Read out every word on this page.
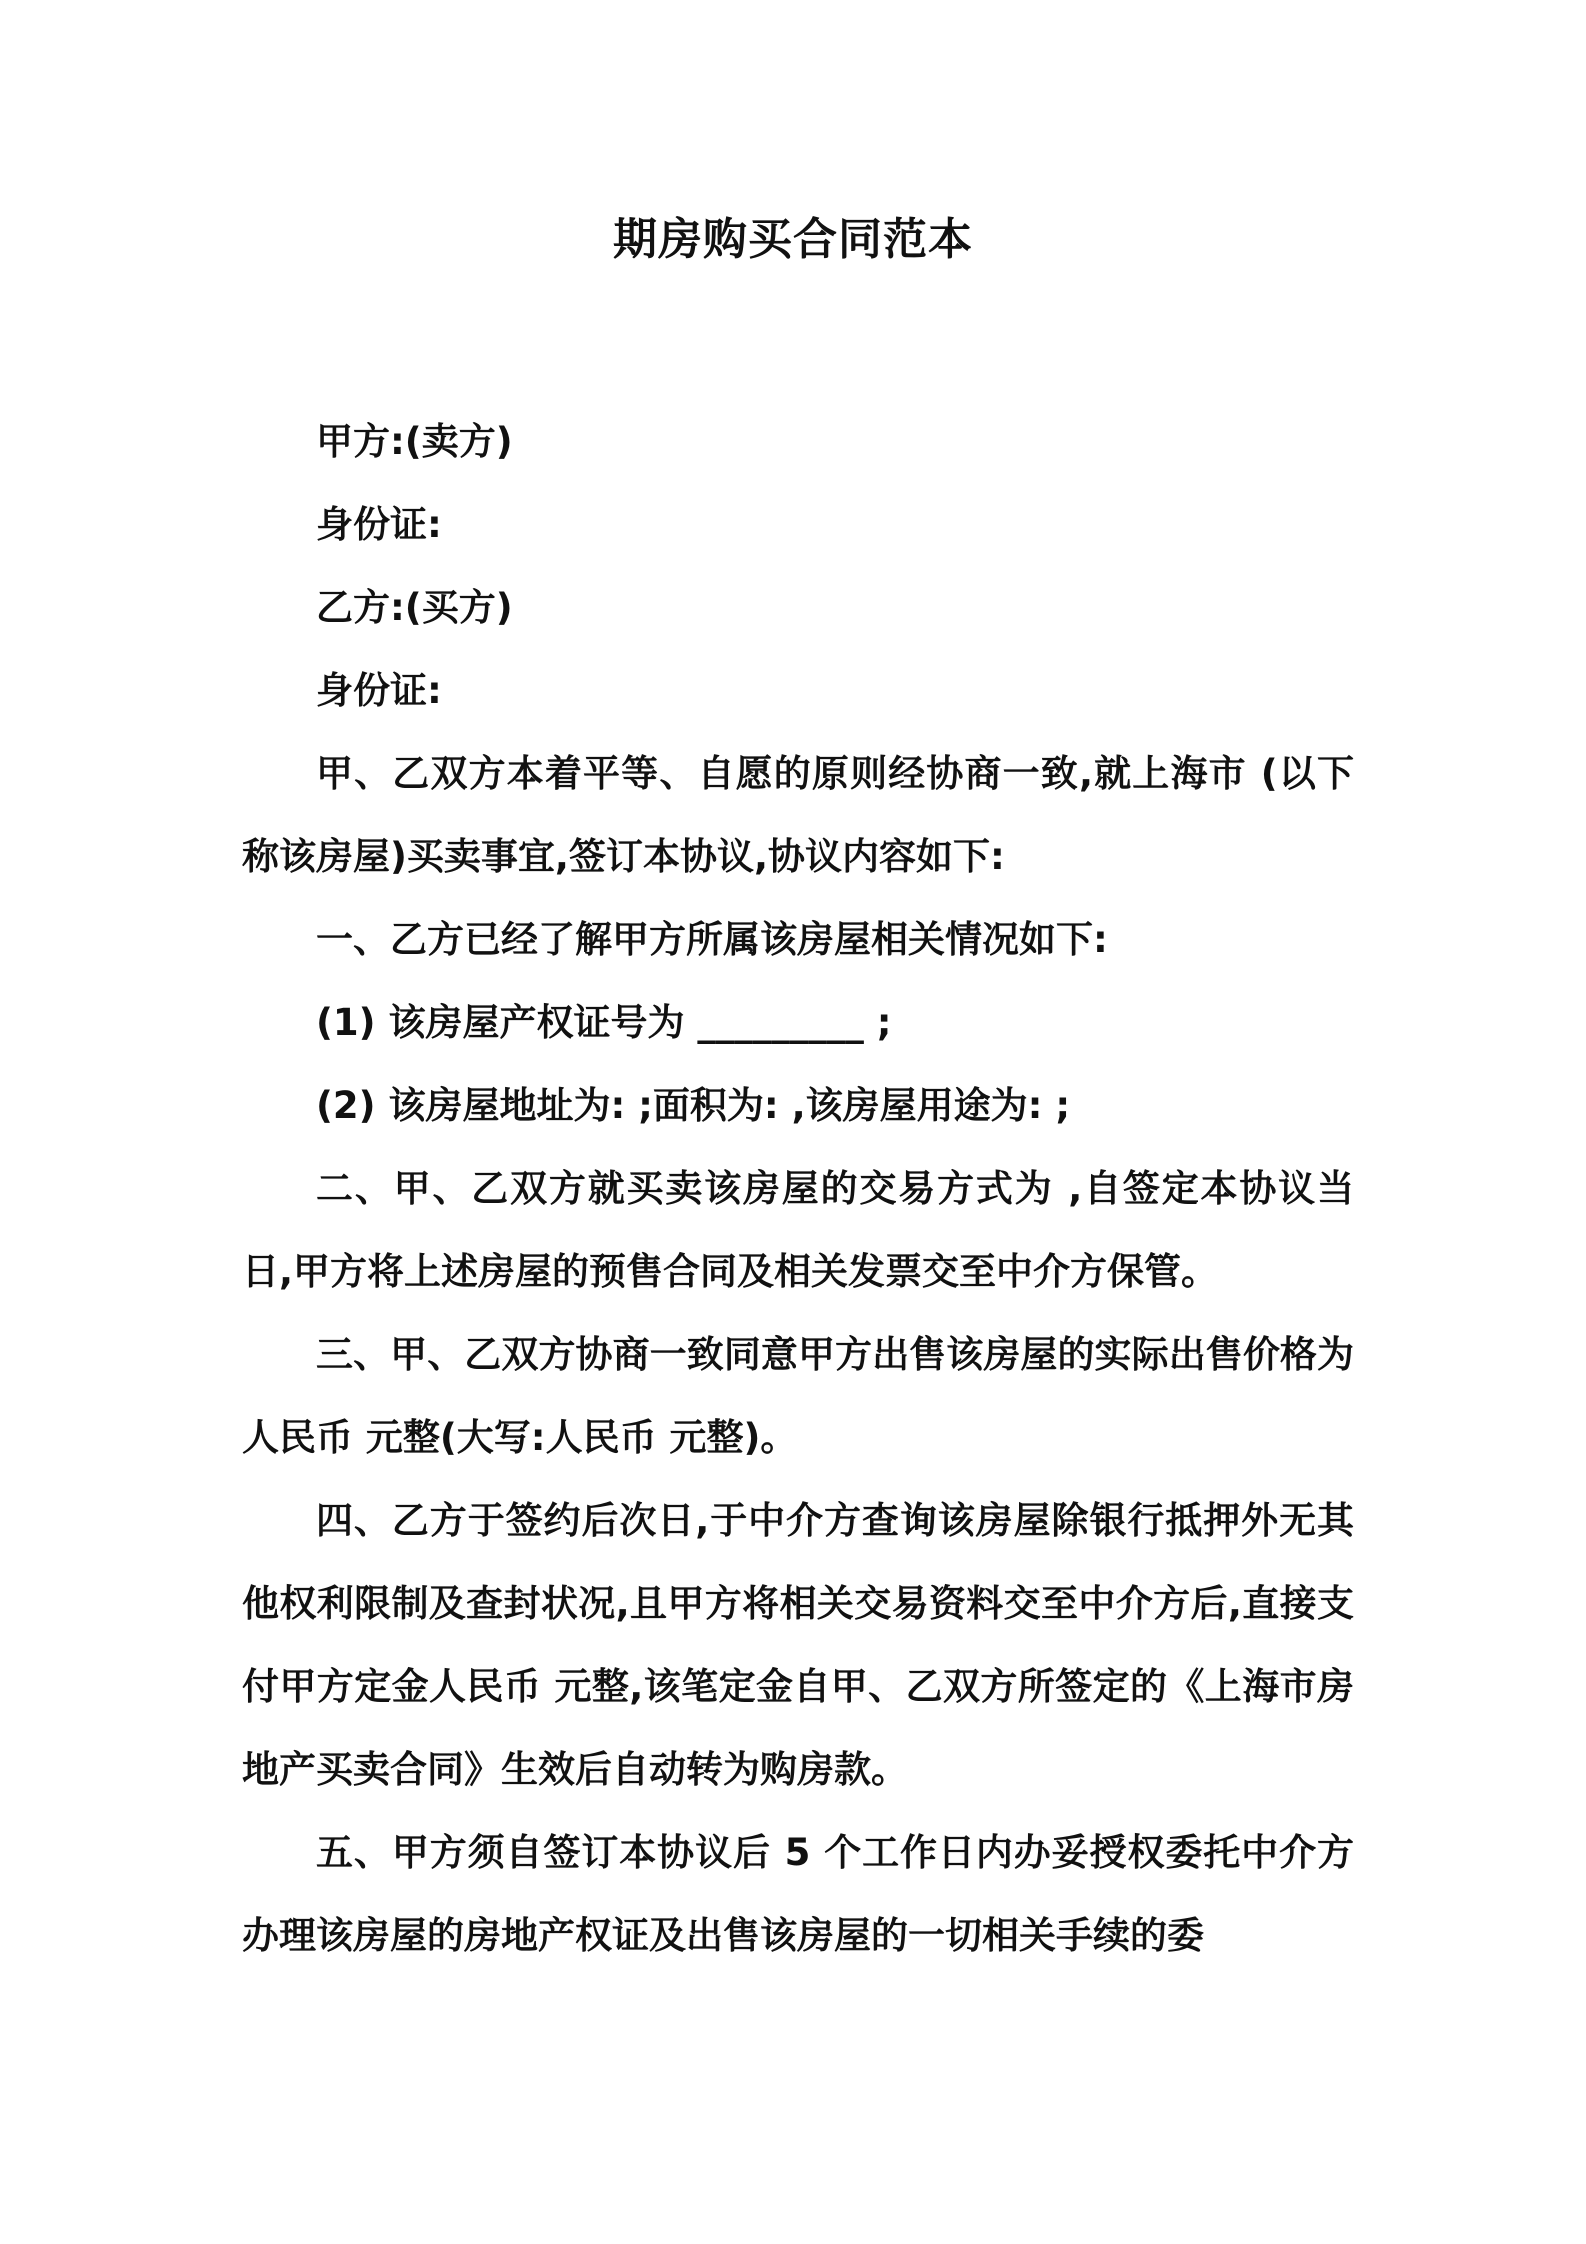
期房购买合同范本
甲方:(卖方)
身份证:
乙方:(买方)
身份证:

甲、乙双方本着平等、自愿的原则经协商一致,就上海市 (以下称该房屋)买卖事宜,签订本协议,协议内容如下:

一、乙方已经了解甲方所属该房屋相关情况如下:

(1) 该房屋产权证号为 _________ ;

(2) 该房屋地址为: ;面积为: ,该房屋用途为: ;

二、甲、乙双方就买卖该房屋的交易方式为 ,自签定本协议当日,甲方将上述房屋的预售合同及相关发票交至中介方保管。

三、甲、乙双方协商一致同意甲方出售该房屋的实际出售价格为人民币 元整(大写:人民币 元整)。

四、乙方于签约后次日,于中介方查询该房屋除银行抵押外无其他权利限制及查封状况,且甲方将相关交易资料交至中介方后,直接支付甲方定金人民币 元整,该笔定金自甲、乙双方所签定的《上海市房地产买卖合同》生效后自动转为购房款。

五、甲方须自签订本协议后 5 个工作日内办妥授权委托中介方办理该房屋的房地产权证及出售该房屋的一切相关手续的委
